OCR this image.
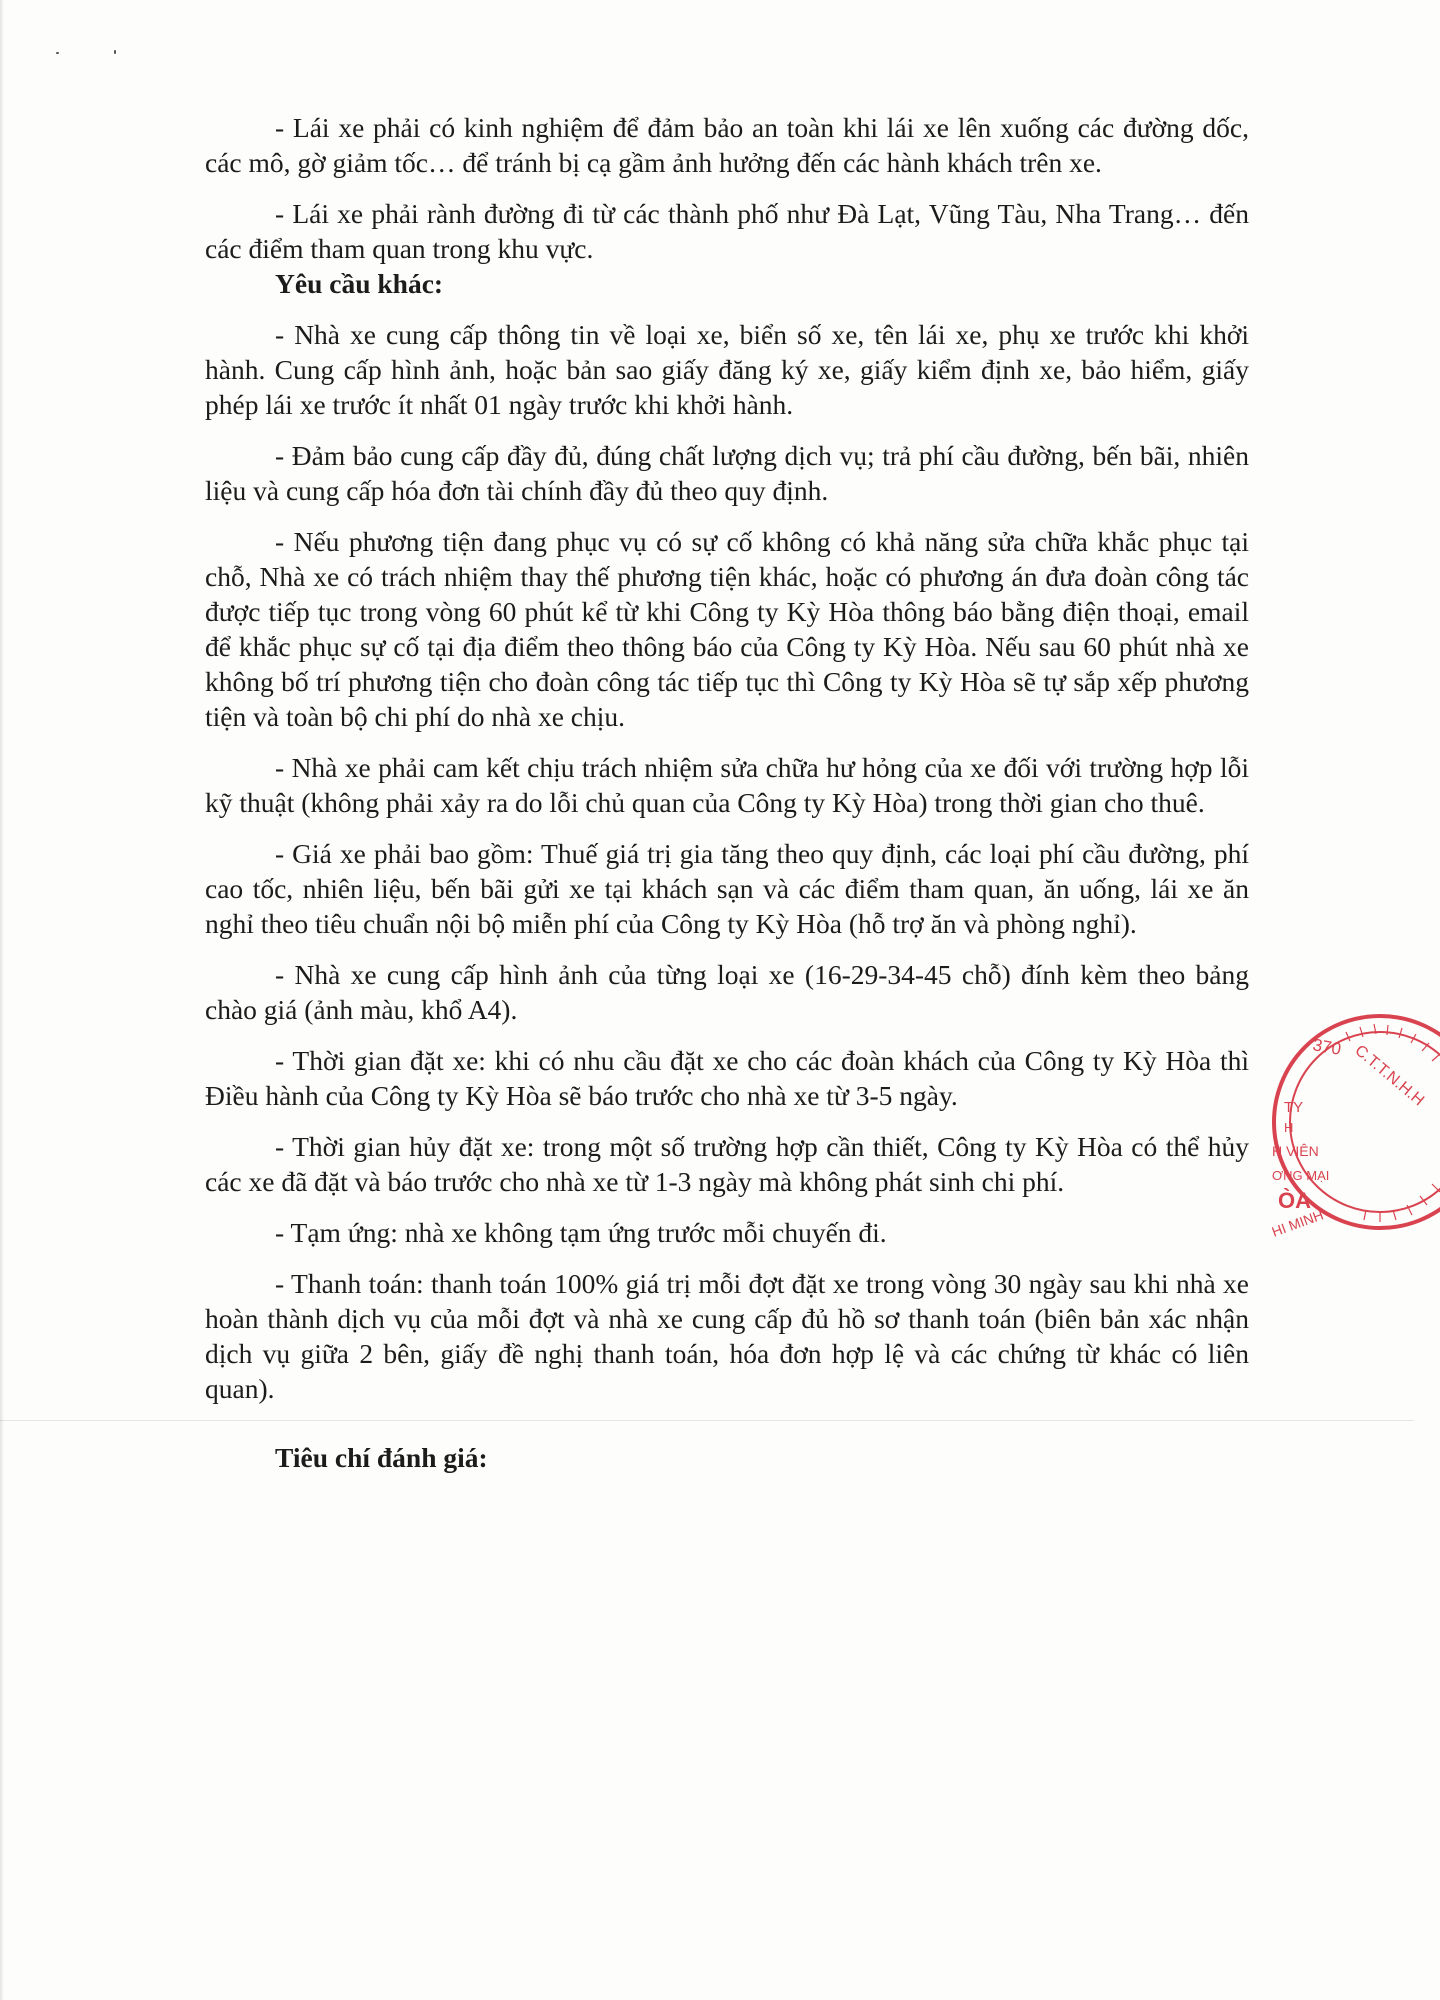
- Lái xe phải có kinh nghiệm để đảm bảo an toàn khi lái xe lên xuống các đường dốc, các mô, gờ giảm tốc… để tránh bị cạ gầm ảnh hưởng đến các hành khách trên xe.

- Lái xe phải rành đường đi từ các thành phố như Đà Lạt, Vũng Tàu, Nha Trang… đến các điểm tham quan trong khu vực.

Yêu cầu khác:

- Nhà xe cung cấp thông tin về loại xe, biển số xe, tên lái xe, phụ xe trước khi khởi hành. Cung cấp hình ảnh, hoặc bản sao giấy đăng ký xe, giấy kiểm định xe, bảo hiểm, giấy phép lái xe trước ít nhất 01 ngày trước khi khởi hành.

- Đảm bảo cung cấp đầy đủ, đúng chất lượng dịch vụ; trả phí cầu đường, bến bãi, nhiên liệu và cung cấp hóa đơn tài chính đầy đủ theo quy định.

- Nếu phương tiện đang phục vụ có sự cố không có khả năng sửa chữa khắc phục tại chỗ, Nhà xe có trách nhiệm thay thế phương tiện khác, hoặc có phương án đưa đoàn công tác được tiếp tục trong vòng 60 phút kể từ khi Công ty Kỳ Hòa thông báo bằng điện thoại, email để khắc phục sự cố tại địa điểm theo thông báo của Công ty Kỳ Hòa. Nếu sau 60 phút nhà xe không bố trí phương tiện cho đoàn công tác tiếp tục thì Công ty Kỳ Hòa sẽ tự sắp xếp phương tiện và toàn bộ chi phí do nhà xe chịu.

- Nhà xe phải cam kết chịu trách nhiệm sửa chữa hư hỏng của xe đối với trường hợp lỗi kỹ thuật (không phải xảy ra do lỗi chủ quan của Công ty Kỳ Hòa) trong thời gian cho thuê.

- Giá xe phải bao gồm: Thuế giá trị gia tăng theo quy định, các loại phí cầu đường, phí cao tốc, nhiên liệu, bến bãi gửi xe tại khách sạn và các điểm tham quan, ăn uống, lái xe ăn nghỉ theo tiêu chuẩn nội bộ miễn phí của Công ty Kỳ Hòa (hỗ trợ ăn và phòng nghỉ).

- Nhà xe cung cấp hình ảnh của từng loại xe (16-29-34-45 chỗ) đính kèm theo bảng chào giá (ảnh màu, khổ A4).

- Thời gian đặt xe: khi có nhu cầu đặt xe cho các đoàn khách của Công ty Kỳ Hòa thì Điều hành của Công ty Kỳ Hòa sẽ báo trước cho nhà xe từ 3-5 ngày.

- Thời gian hủy đặt xe: trong một số trường hợp cần thiết, Công ty Kỳ Hòa có thể hủy các xe đã đặt và báo trước cho nhà xe từ 1-3 ngày mà không phát sinh chi phí.

- Tạm ứng: nhà xe không tạm ứng trước mỗi chuyến đi.

- Thanh toán: thanh toán 100% giá trị mỗi đợt đặt xe trong vòng 30 ngày sau khi nhà xe hoàn thành dịch vụ của mỗi đợt và nhà xe cung cấp đủ hồ sơ thanh toán (biên bản xác nhận dịch vụ giữa 2 bên, giấy đề nghị thanh toán, hóa đơn hợp lệ và các chứng từ khác có liên quan).

Tiêu chí đánh giá:

370 C.T.T.N.H.H
TY
H
H VIÊN
ƠNG MẠI
ÒA
HI MINH
